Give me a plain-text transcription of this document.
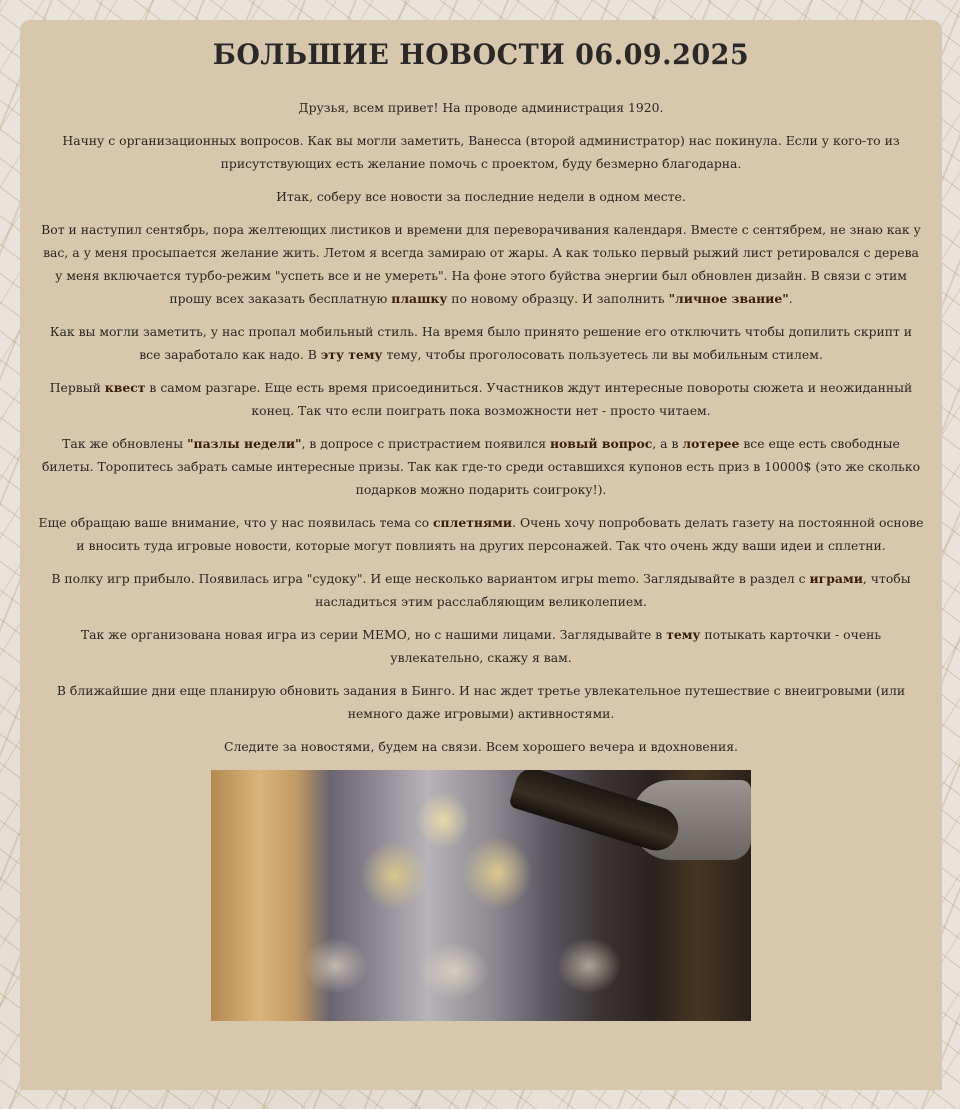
БОЛЬШИЕ НОВОСТИ 06.09.2025

Друзья, всем привет! На проводе администрация 1920.

Начну с организационных вопросов. Как вы могли заметить, Ванесса (второй администратор) нас покинула. Если у кого-то из присутствующих есть желание помочь с проектом, буду безмерно благодарна.

Итак, соберу все новости за последние недели в одном месте.

Вот и наступил сентябрь, пора желтеющих листиков и времени для переворачивания календаря. Вместе с сентябрем, не знаю как у вас, а у меня просыпается желание жить. Летом я всегда замираю от жары. А как только первый рыжий лист ретировался с дерева у меня включается турбо-режим "успеть все и не умереть". На фоне этого буйства энергии был обновлен дизайн. В связи с этим прошу всех заказать бесплатную плашку по новому образцу. И заполнить "личное звание".

Как вы могли заметить, у нас пропал мобильный стиль. На время было принято решение его отключить чтобы допилить скрипт и все заработало как надо. В эту тему тему, чтобы проголосовать пользуетесь ли вы мобильным стилем.

Первый квест в самом разгаре. Еще есть время присоединиться. Участников ждут интересные повороты сюжета и неожиданный конец. Так что если поиграть пока возможности нет - просто читаем.

Так же обновлены "пазлы недели", в допросе с пристрастием появился новый вопрос, а в лотерее все еще есть свободные билеты. Торопитесь забрать самые интересные призы. Так как где-то среди оставшихся купонов есть приз в 10000$ (это же сколько подарков можно подарить соигроку!).

Еще обращаю ваше внимание, что у нас появилась тема со сплетнями. Очень хочу попробовать делать газету на постоянной основе и вносить туда игровые новости, которые могут повлиять на других персонажей. Так что очень жду ваши идеи и сплетни.

В полку игр прибыло. Появилась игра "судоку". И еще несколько вариантом игры memo. Заглядывайте в раздел с играми, чтобы насладиться этим расслабляющим великолепием.

Так же организована новая игра из серии МЕМО, но с нашими лицами. Заглядывайте в тему потыкать карточки - очень увлекательно, скажу я вам.

В ближайшие дни еще планирую обновить задания в Бинго. И нас ждет третье увлекательное путешествие с внеигровыми (или немного даже игровыми) активностями.

Следите за новостями, будем на связи. Всем хорошего вечера и вдохновения.
